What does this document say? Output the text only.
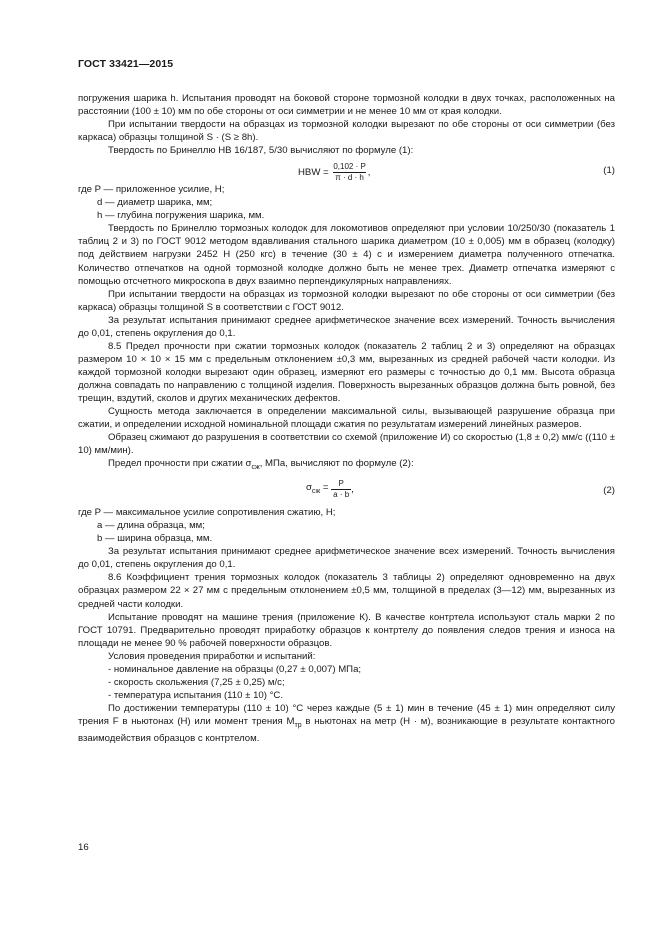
ГОСТ 33421—2015

погружения шарика h. Испытания проводят на боковой стороне тормозной колодки в двух точках, расположенных на расстоянии (100 ± 10) мм по обе стороны от оси симметрии и не менее 10 мм от края колодки.

При испытании твердости на образцах из тормозной колодки вырезают по обе стороны от оси симметрии (без каркаса) образцы толщиной S · (S ≥ 8h).

Твердость по Бринеллю НВ 16/187, 5/30 вычисляют по формуле (1):

HBW = $\frac{0,102 \cdot P}{\pi \cdot d \cdot h}$ ,	(1)

где P — приложенное усилие, Н;

d — диаметр шарика, мм;

h — глубина погружения шарика, мм.

Твердость по Бринеллю тормозных колодок для локомотивов определяют при условии 10/250/30 (показатель 1 таблиц 2 и 3) по ГОСТ 9012 методом вдавливания стального шарика диаметром (10 ± 0,005) мм в образец (колодку) под действием нагрузки 2452 Н (250 кгс) в течение (30 ± 4) с и измерением диаметра полученного отпечатка. Количество отпечатков на одной тормозной колодке должно быть не менее трех. Диаметр отпечатка измеряют с помощью отсчетного микроскопа в двух взаимно перпендикулярных направлениях.

При испытании твердости на образцах из тормозной колодки вырезают по обе стороны от оси симметрии (без каркаса) образцы толщиной S в соответствии с ГОСТ 9012.

За результат испытания принимают среднее арифметическое значение всех измерений. Точность вычисления до 0,01, степень округления до 0,1.

8.5 Предел прочности при сжатии тормозных колодок (показатель 2 таблиц 2 и 3) определяют на образцах размером 10 × 10 × 15 мм с предельным отклонением ±0,3 мм, вырезанных из средней рабочей части колодки. Из каждой тормозной колодки вырезают один образец, измеряют его размеры с точностью до 0,1 мм. Высота образца должна совпадать по направлению с толщиной изделия. Поверхность вырезанных образцов должна быть ровной, без трещин, вздутий, сколов и других механических дефектов.

Сущность метода заключается в определении максимальной силы, вызывающей разрушение образца при сжатии, и определении исходной номинальной площади сжатия по результатам измерений линейных размеров.

Образец сжимают до разрушения в соответствии со схемой (приложение И) со скоростью (1,8 ± 0,2) мм/с ((110 ± 10) мм/мин).

Предел прочности при сжатии $\sigma_{сж}$, МПа, вычисляют по формуле (2):

$\sigma_{сж} = \frac{P}{a \cdot b}$ ,	(2)

где P — максимальное усилие сопротивления сжатию, Н;

a — длина образца, мм;

b — ширина образца, мм.

За результат испытания принимают среднее арифметическое значение всех измерений. Точность вычисления до 0,01, степень округления до 0,1.

8.6 Коэффициент трения тормозных колодок (показатель 3 таблицы 2) определяют одновременно на двух образцах размером 22 × 27 мм с предельным отклонением ±0,5 мм, толщиной в пределах (3—12) мм, вырезанных из средней части колодки.

Испытание проводят на машине трения (приложение К). В качестве контртела используют сталь марки 2 по ГОСТ 10791. Предварительно проводят приработку образцов к контртелу до появления следов трения и износа на площади не менее 90 % рабочей поверхности образцов.

Условия проведения приработки и испытаний:

- номинальное давление на образцы (0,27 ± 0,007) МПа;

- скорость скольжения (7,25 ± 0,25) м/с;

- температура испытания (110 ± 10) °С.

По достижении температуры (110 ± 10) °С через каждые (5 ± 1) мин в течение (45 ± 1) мин определяют силу трения F в ньютонах (Н) или момент трения $M_{тр}$ в ньютонах на метр (Н · м), возникающие в результате контактного взаимодействия образцов с контртелом.

16
